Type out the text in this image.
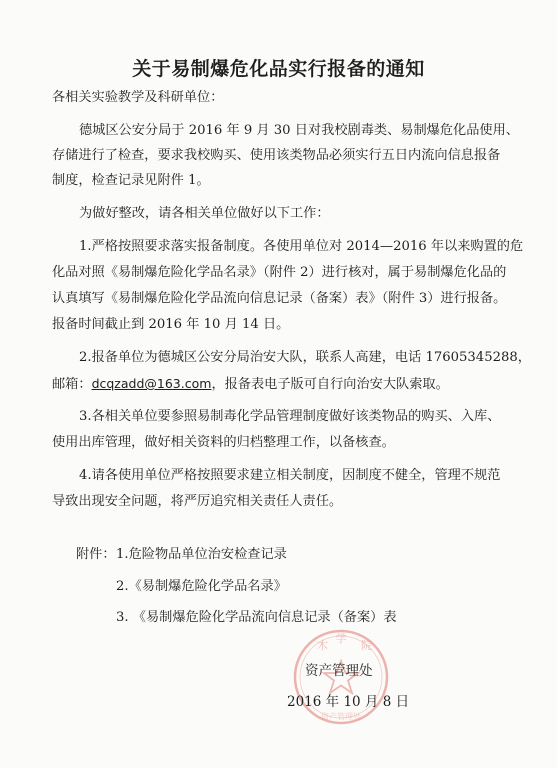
关于易制爆危化品实行报备的通知
各相关实验教学及科研单位：
德城区公安分局于 2016 年 9 月 30 日对我校剧毒类、易制爆危化品使用、
存储进行了检查，要求我校购买、使用该类物品必须实行五日内流向信息报备
制度，检查记录见附件 1。
为做好整改，请各相关单位做好以下工作：
1.严格按照要求落实报备制度。各使用单位对 2014—2016 年以来购置的危
化品对照《易制爆危险化学品名录》（附件 2）进行核对，属于易制爆危化品的
认真填写《易制爆危险化学品流向信息记录（备案）表》（附件 3）进行报备。
报备时间截止到 2016 年 10 月 14 日。
2.报备单位为德城区公安分局治安大队，联系人高建，电话 17605345288，
邮箱：dcqzadd@163.com，报备表电子版可自行向治安大队索取。
3.各相关单位要参照易制毒化学品管理制度做好该类物品的购买、入库、
使用出库管理，做好相关资料的归档整理工作，以备核查。
4.请各使用单位严格按照要求建立相关制度，因制度不健全，管理不规范
导致出现安全问题，将严厉追究相关责任人责任。
附件： 1.危险物品单位治安检查记录
2.《易制爆危险化学品名录》
3. 《易制爆危险化学品流向信息记录（备案）表
木
学
院
资产管理处
资产管理处
2016 年 10 月 8 日
